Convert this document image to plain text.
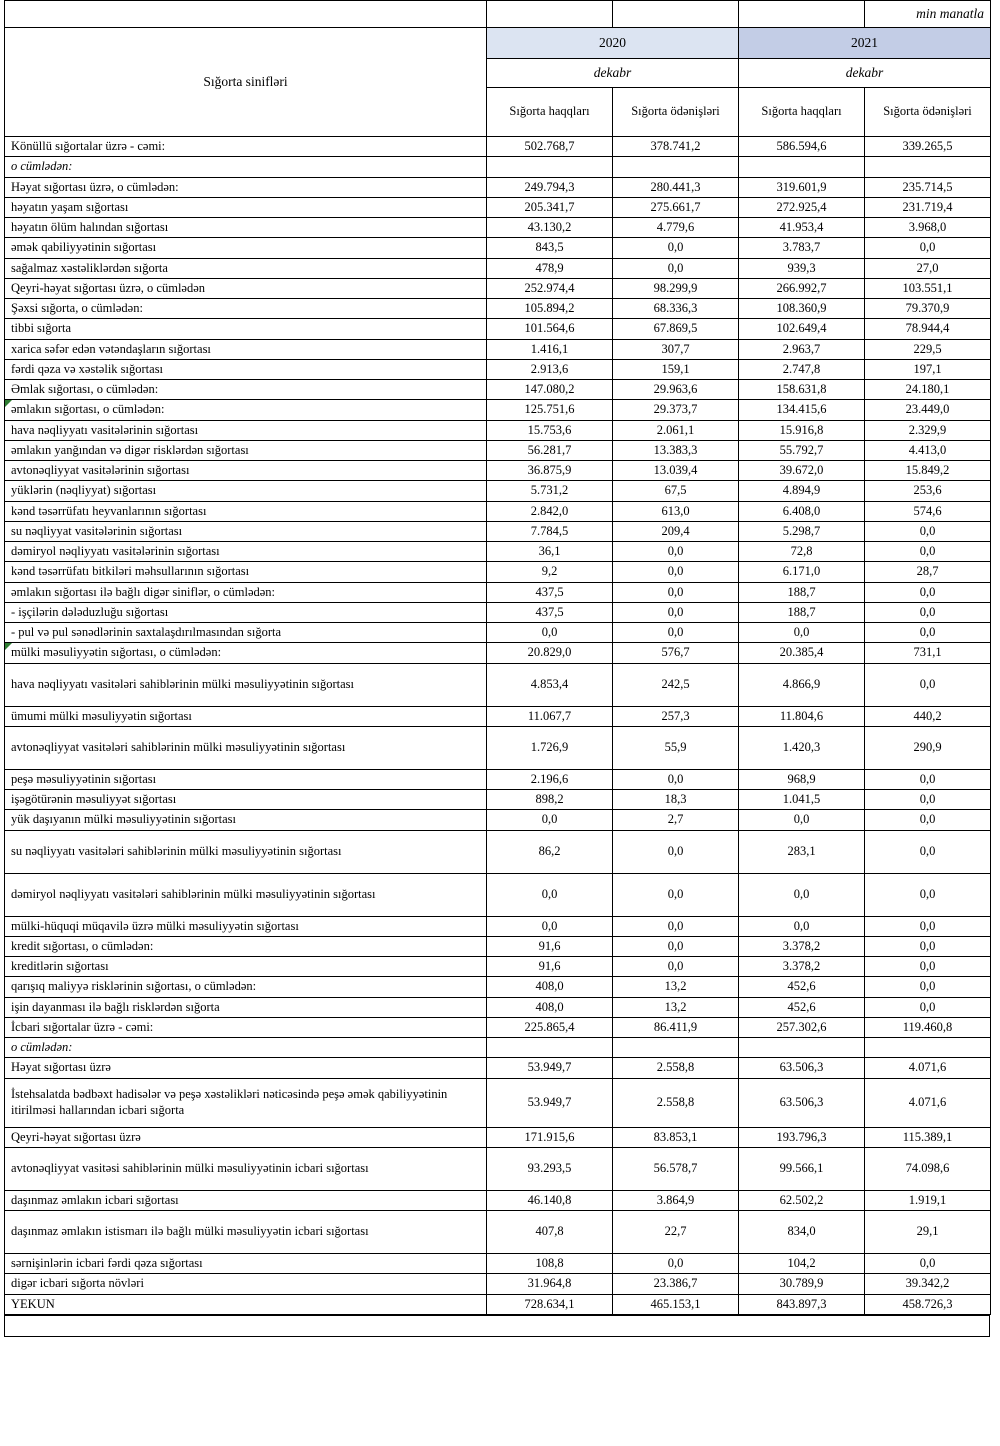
				min manatla
Sığorta sinifləri	2020		2021	
	dekabr		dekabr	
	Sığorta haqqları	Sığorta ödənişləri	Sığorta haqqları	Sığorta ödənişləri
Könüllü sığortalar üzrə - cəmi:	502.768,7	378.741,2	586.594,6	339.265,5
o cümlədən:				
Həyat sığortası üzrə, o cümlədən:	249.794,3	280.441,3	319.601,9	235.714,5
həyatın yaşam sığortası	205.341,7	275.661,7	272.925,4	231.719,4
həyatın ölüm halından sığortası	43.130,2	4.779,6	41.953,4	3.968,0
əmək qabiliyyətinin sığortası	843,5	0,0	3.783,7	0,0
sağalmaz xəstəliklərdən sığorta	478,9	0,0	939,3	27,0
Qeyri-həyat sığortası üzrə, o cümlədən	252.974,4	98.299,9	266.992,7	103.551,1
Şəxsi sığorta, o cümlədən:	105.894,2	68.336,3	108.360,9	79.370,9
tibbi sığorta	101.564,6	67.869,5	102.649,4	78.944,4
xarica səfər edən vətəndaşların sığortası	1.416,1	307,7	2.963,7	229,5
fərdi qəza və xəstəlik sığortası	2.913,6	159,1	2.747,8	197,1
Əmlak sığortası, o cümlədən:	147.080,2	29.963,6	158.631,8	24.180,1
əmlakın sığortası, o cümlədən:	125.751,6	29.373,7	134.415,6	23.449,0
hava nəqliyyatı vasitələrinin sığortası	15.753,6	2.061,1	15.916,8	2.329,9
əmlakın yanğından və digər risklərdən sığortası	56.281,7	13.383,3	55.792,7	4.413,0
avtonəqliyyat vasitələrinin sığortası	36.875,9	13.039,4	39.672,0	15.849,2
yüklərin (nəqliyyat) sığortası	5.731,2	67,5	4.894,9	253,6
kənd təsərrüfatı heyvanlarının sığortası	2.842,0	613,0	6.408,0	574,6
su nəqliyyat vasitələrinin sığortası	7.784,5	209,4	5.298,7	0,0
dəmiryol nəqliyyatı vasitələrinin sığortası	36,1	0,0	72,8	0,0
kənd təsərrüfatı bitkiləri məhsullarının sığortası	9,2	0,0	6.171,0	28,7
əmlakın sığortası ilə bağlı digər siniflər, o cümlədən:	437,5	0,0	188,7	0,0
- işçilərin dələduzluğu sığortası	437,5	0,0	188,7	0,0
- pul və pul sənədlərinin saxtalaşdırılmasından sığorta	0,0	0,0	0,0	0,0
mülki məsuliyyətin sığortası, o cümlədən:	20.829,0	576,7	20.385,4	731,1
hava nəqliyyatı vasitələri sahiblərinin mülki məsuliyyətinin sığortası	4.853,4	242,5	4.866,9	0,0
ümumi mülki məsuliyyətin sığortası	11.067,7	257,3	11.804,6	440,2
avtonəqliyyat vasitələri sahiblərinin mülki məsuliyyətinin sığortası	1.726,9	55,9	1.420,3	290,9
peşə məsuliyyətinin sığortası	2.196,6	0,0	968,9	0,0
işəgötürənin məsuliyyət sığortası	898,2	18,3	1.041,5	0,0
yük daşıyanın mülki məsuliyyətinin sığortası	0,0	2,7	0,0	0,0
su nəqliyyatı vasitələri sahiblərinin mülki məsuliyyətinin sığortası	86,2	0,0	283,1	0,0
dəmiryol nəqliyyatı vasitələri sahiblərinin mülki məsuliyyətinin sığortası	0,0	0,0	0,0	0,0
mülki-hüquqi müqavilə üzrə mülki məsuliyyətin sığortası	0,0	0,0	0,0	0,0
kredit sığortası, o cümlədən:	91,6	0,0	3.378,2	0,0
kreditlərin sığortası	91,6	0,0	3.378,2	0,0
qarışıq maliyyə risklərinin sığortası, o cümlədən:	408,0	13,2	452,6	0,0
işin dayanması ilə bağlı risklərdən sığorta	408,0	13,2	452,6	0,0
İcbari sığortalar üzrə - cəmi:	225.865,4	86.411,9	257.302,6	119.460,8
o cümlədən:				
Həyat sığortası üzrə	53.949,7	2.558,8	63.506,3	4.071,6
İstehsalatda bədbəxt hadisələr və peşə xəstəlikləri nəticəsində peşə əmək qabiliyyətinin itirilməsi hallarından icbari sığorta	53.949,7	2.558,8	63.506,3	4.071,6
Qeyri-həyat sığortası üzrə	171.915,6	83.853,1	193.796,3	115.389,1
avtonəqliyyat vasitəsi sahiblərinin mülki məsuliyyətinin icbari sığortası	93.293,5	56.578,7	99.566,1	74.098,6
daşınmaz əmlakın icbari sığortası	46.140,8	3.864,9	62.502,2	1.919,1
daşınmaz əmlakın istismarı ilə bağlı mülki məsuliyyətin icbari sığortası	407,8	22,7	834,0	29,1
sərnişinlərin icbari fərdi qəza sığortası	108,8	0,0	104,2	0,0
digər icbari sığorta növləri	31.964,8	23.386,7	30.789,9	39.342,2
YEKUN	728.634,1	465.153,1	843.897,3	458.726,3
